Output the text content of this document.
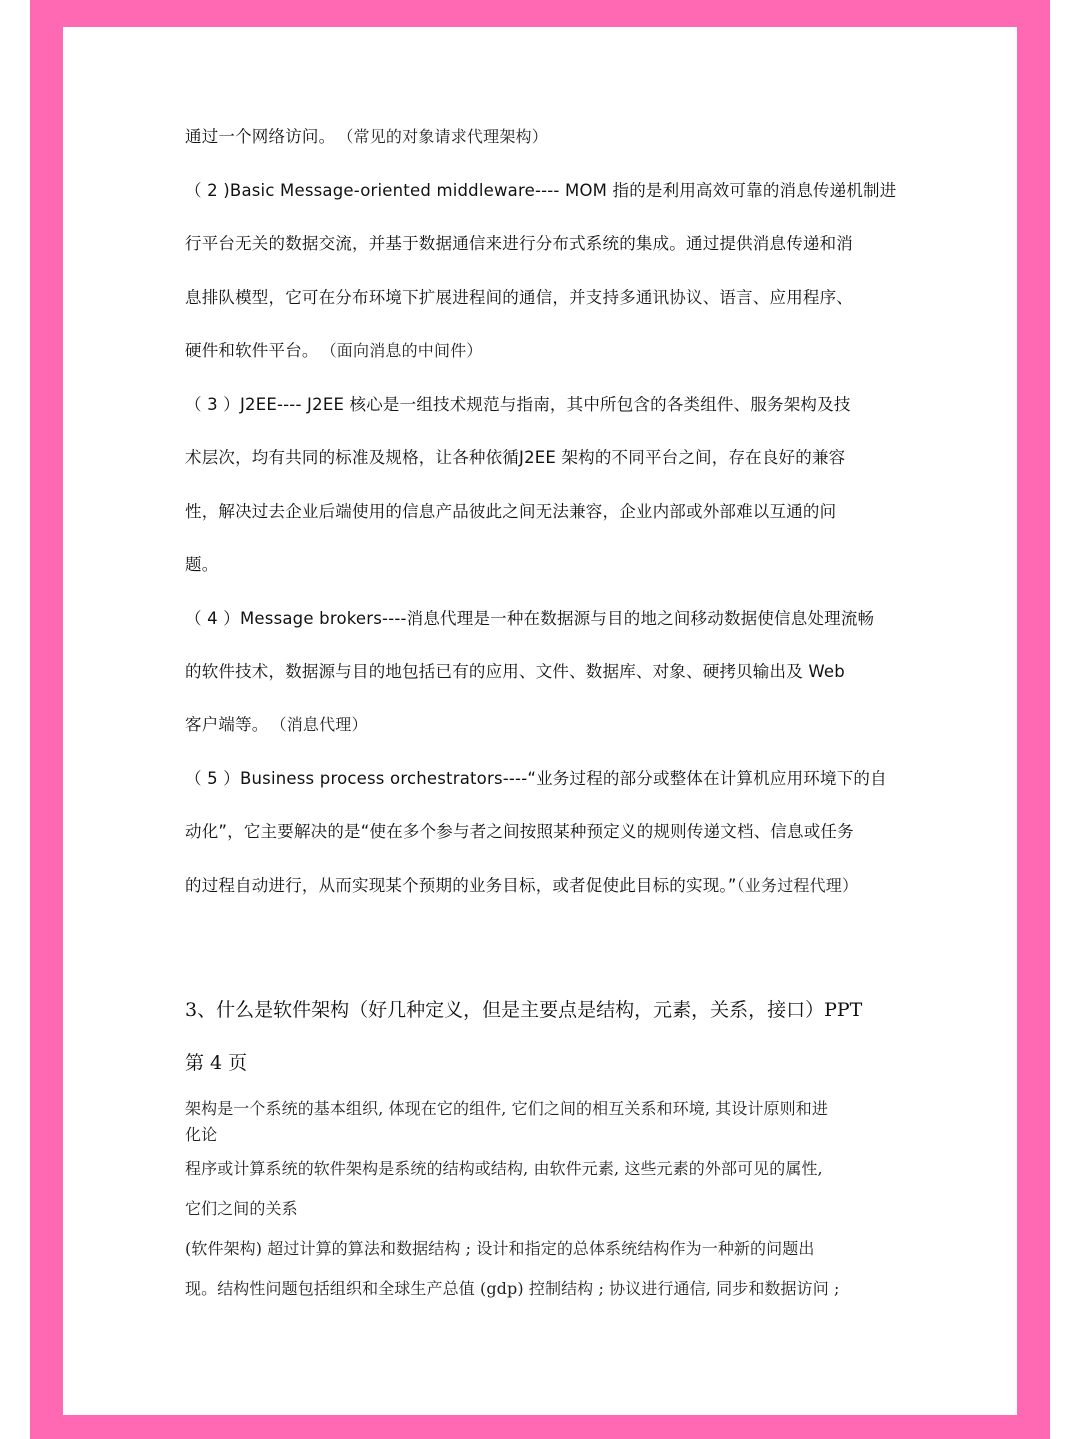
通过一个网络访问。 （常见的对象请求代理架构）
（ 2 )Basic Message-oriented middleware---- MOM 指的是利用高效可靠的消息传递机制进
行平台无关的数据交流，并基于数据通信来进行分布式系统的集成。通过提供消息传递和消
息排队模型，它可在分布环境下扩展进程间的通信，并支持多通讯协议、语言、应用程序、
硬件和软件平台。 （面向消息的中间件）
（ 3 ）J2EE---- J2EE 核心是一组技术规范与指南，其中所包含的各类组件、服务架构及技
术层次，均有共同的标准及规格，让各种依循J2EE 架构的不同平台之间，存在良好的兼容
性，解决过去企业后端使用的信息产品彼此之间无法兼容，企业内部或外部难以互通的问
题。
（ 4 ）Message brokers----消息代理是一种在数据源与目的地之间移动数据使信息处理流畅
的软件技术，数据源与目的地包括已有的应用、文件、数据库、对象、硬拷贝输出及 Web
客户端等。 （消息代理）
（ 5 ）Business process orchestrators----“业务过程的部分或整体在计算机应用环境下的自
动化”，它主要解决的是“使在多个参与者之间按照某种预定义的规则传递文档、信息或任务
的过程自动进行，从而实现某个预期的业务目标，或者促使此目标的实现。”（业务过程代理）
3、什么是软件架构（好几种定义，但是主要点是结构，元素，关系，接口）PPT
第 4 页
架构是一个系统的基本组织, 体现在它的组件, 它们之间的相互关系和环境, 其设计原则和进
化论
程序或计算系统的软件架构是系统的结构或结构, 由软件元素, 这些元素的外部可见的属性,
它们之间的关系
(软件架构) 超过计算的算法和数据结构 ; 设计和指定的总体系统结构作为一种新的问题出
现。结构性问题包括组织和全球生产总值 (gdp) 控制结构 ; 协议进行通信, 同步和数据访问 ;
